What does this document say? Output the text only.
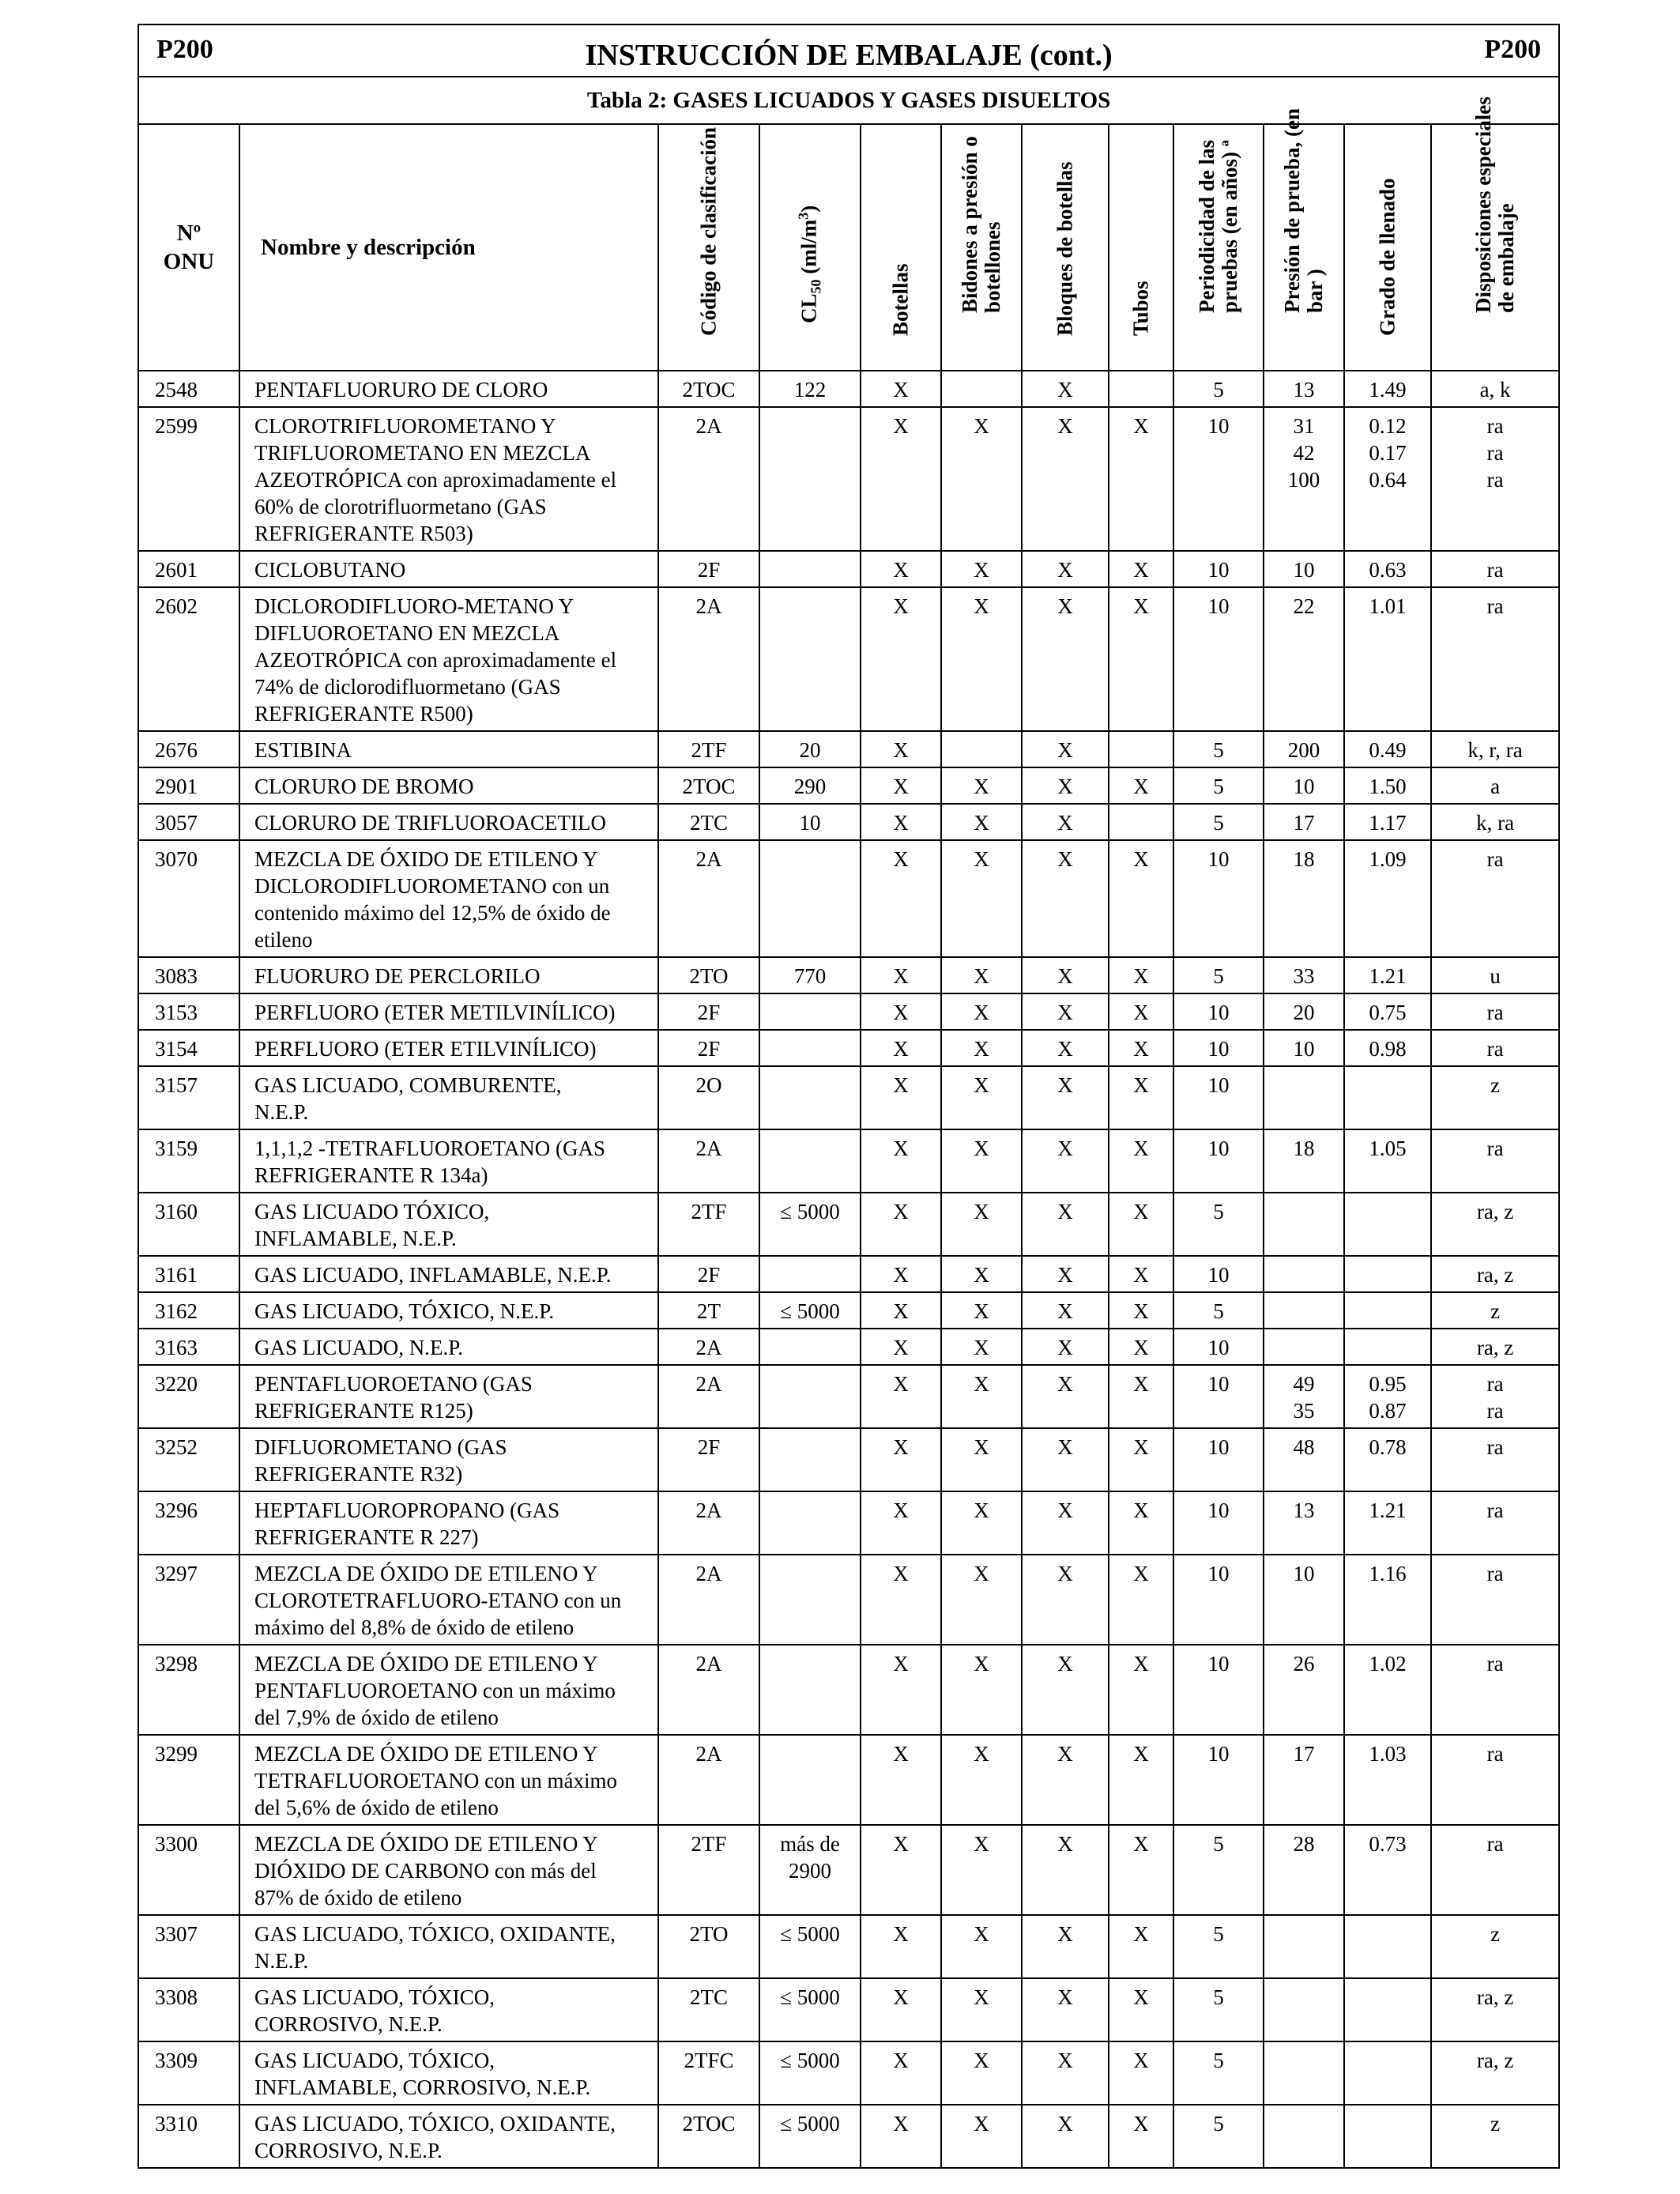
P200 INSTRUCCIÓN DE EMBALAJE (cont.) P200											

Tabla 2: GASES LICUADOS Y GASES DISUELTOS											

Nº
ONU	Nombre y descripción	Código de clasificación	$CL_{50}$ $(ml/m^3)$	Botellas	Bidones a presión o botellones	Bloques de botellas	Tubos	Periodicidad de las pruebas (en años) ª	Presión de prueba, (en bar )	Grado de llenado	Disposiciones especiales de embalaje

2548	PENTAFLUORURO DE CLORO	2TOC	122	X		X		5	13	1.49	a, k

2599	CLOROTRIFLUOROMETANO Y
TRIFLUOROMETANO EN MEZCLA
AZEOTRÓPICA con aproximadamente el
60% de clorotrifluormetano (GAS
REFRIGERANTE R503)	2A		X	X	X	X	10	31
42
100	0.12
0.17
0.64	ra
ra
ra

2601	CICLOBUTANO	2F		X	X	X	X	10	10	0.63	ra

2602	DICLORODIFLUORO-METANO Y
DIFLUOROETANO EN MEZCLA
AZEOTRÓPICA con aproximadamente el
74% de diclorodifluormetano (GAS
REFRIGERANTE R500)	2A		X	X	X	X	10	22	1.01	ra

2676	ESTIBINA	2TF	20	X		X		5	200	0.49	k, r, ra

2901	CLORURO DE BROMO	2TOC	290	X	X	X	X	5	10	1.50	a

3057	CLORURO DE TRIFLUOROACETILO	2TC	10	X	X	X		5	17	1.17	k, ra

3070	MEZCLA DE ÓXIDO DE ETILENO Y
DICLORODIFLUOROMETANO con un
contenido máximo del 12,5% de óxido de
etileno	2A		X	X	X	X	10	18	1.09	ra

3083	FLUORURO DE PERCLORILO	2TO	770	X	X	X	X	5	33	1.21	u

3153	PERFLUORO (ETER METILVINÍLICO)	2F		X	X	X	X	10	20	0.75	ra

3154	PERFLUORO (ETER ETILVINÍLICO)	2F		X	X	X	X	10	10	0.98	ra

3157	GAS LICUADO, COMBURENTE,
N.E.P.	2O		X	X	X	X	10			z

3159	1,1,1,2 -TETRAFLUOROETANO (GAS
REFRIGERANTE R 134a)	2A		X	X	X	X	10	18	1.05	ra

3160	GAS LICUADO TÓXICO,
INFLAMABLE, N.E.P.	2TF	≤ 5000	X	X	X	X	5			ra, z

3161	GAS LICUADO, INFLAMABLE, N.E.P.	2F		X	X	X	X	10			ra, z

3162	GAS LICUADO, TÓXICO, N.E.P.	2T	≤ 5000	X	X	X	X	5			z

3163	GAS LICUADO, N.E.P.	2A		X	X	X	X	10			ra, z

3220	PENTAFLUOROETANO (GAS
REFRIGERANTE R125)	2A		X	X	X	X	10	49
35	0.95
0.87	ra
ra

3252	DIFLUOROMETANO (GAS
REFRIGERANTE R32)	2F		X	X	X	X	10	48	0.78	ra

3296	HEPTAFLUOROPROPANO (GAS
REFRIGERANTE R 227)	2A		X	X	X	X	10	13	1.21	ra

3297	MEZCLA DE ÓXIDO DE ETILENO Y
CLOROTETRAFLUORO-ETANO con un
máximo del 8,8% de óxido de etileno	2A		X	X	X	X	10	10	1.16	ra

3298	MEZCLA DE ÓXIDO DE ETILENO Y
PENTAFLUOROETANO con un máximo
del 7,9% de óxido de etileno	2A		X	X	X	X	10	26	1.02	ra

3299	MEZCLA DE ÓXIDO DE ETILENO Y
TETRAFLUOROETANO con un máximo
del 5,6% de óxido de etileno	2A		X	X	X	X	10	17	1.03	ra

3300	MEZCLA DE ÓXIDO DE ETILENO Y
DIÓXIDO DE CARBONO con más del
87% de óxido de etileno	2TF	más de 2900	X	X	X	X	5	28	0.73	ra

3307	GAS LICUADO, TÓXICO, OXIDANTE,
N.E.P.	2TO	≤ 5000	X	X	X	X	5			z

3308	GAS LICUADO, TÓXICO,
CORROSIVO, N.E.P.	2TC	≤ 5000	X	X	X	X	5			ra, z

3309	GAS LICUADO, TÓXICO,
INFLAMABLE, CORROSIVO, N.E.P.	2TFC	≤ 5000	X	X	X	X	5			ra, z

3310	GAS LICUADO, TÓXICO, OXIDANTE,
CORROSIVO, N.E.P.	2TOC	≤ 5000	X	X	X	X	5			z
